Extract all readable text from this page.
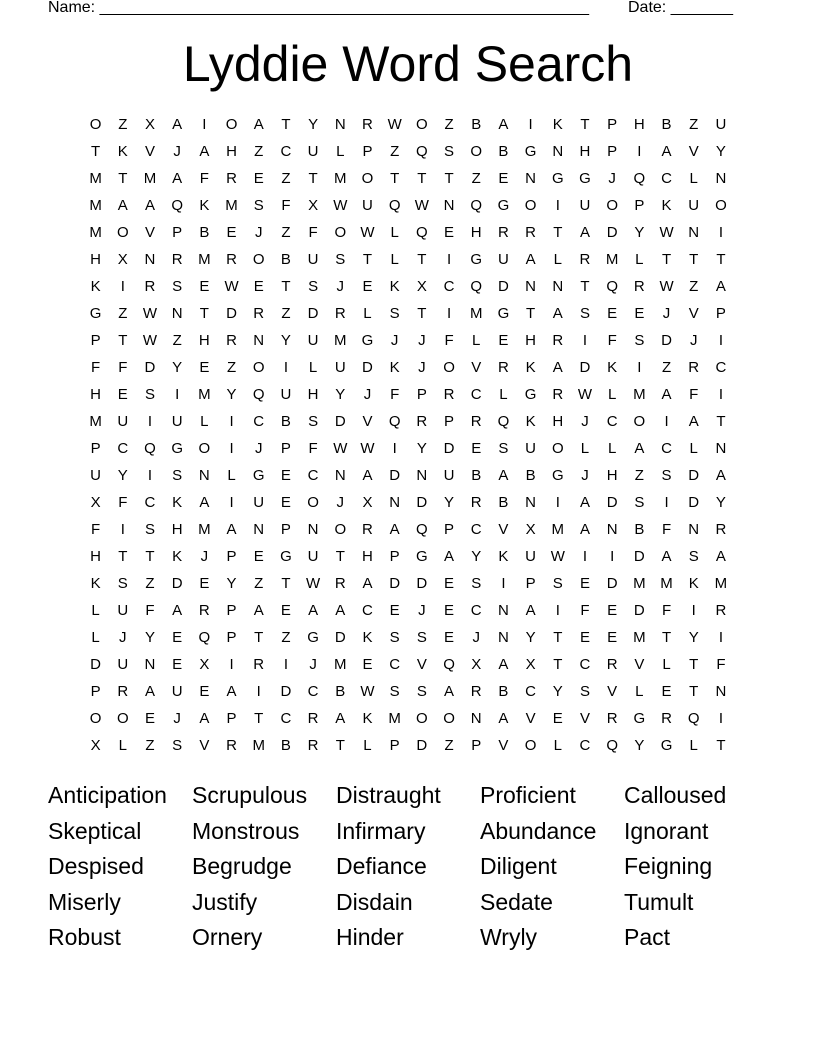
Name: _______________________________________________________ Date: _______
Lyddie Word Search
O	Z	X	A	I	O	A	T	Y	N	R W O	Z	B	A	I	K	T	P	H	B	Z	U
T	K	V	J	A	H	Z	C	U	L	P	Z	Q	S	O	B	G	N	H	P	I	A	V	Y
M	T	M	A	F	R	E	Z	T	M	O	T	T	T	Z	E	N	G	G	J	Q	C	L	N
M	A	A	Q	K	M	S	F	X	W U	Q W N	Q	G	O	I	U	O	P	K	U	O
M	O	V	P	B	E	J	Z	F	O W	L	Q	E	H	R	R	T	A	D	Y	W N	I
H	X	N	R	M	R	O	B	U	S	T	L	T	I	G	U	A	L	R	M	L	T	T	T
K	I	R	S	E	W	E	T	S	J	E	K	X	C	Q	D	N	N	T	Q	R W	Z	A
G	Z	W N	T	D	R	Z	D	R	L	S	T	I	M	G	T	A	S	E	E	J	V	P
P	T	W	Z	H	R	N	Y	U	M	G	J	J	F	L	E	H	R	I	F	S	D	J	I
F	F	D	Y	E	Z	O	I	L	U	D	K	J	O	V	R	K	A	D	K	I	Z	R	C
H	E	S	I	M	Y	Q	U	H	Y	J	F	P	R	C	L	G	R W	L	M	A	F	I
M	U	I	U	L	I	C	B	S	D	V	Q	R	P	R	Q	K	H	J	C	O	I	A	T
P	C	Q	G	O	I	J	P	F	W W	I	Y	D	E	S	U	O	L	L	A	C	L	N
U	Y	I	S	N	L	G	E	C	N	A	D	N	U	B	A	B	G	J	H	Z	S	D	A
X	F	C	K	A	I	U	E	O	J	X	N	D	Y	R	B	N	I	A	D	S	I	D	Y
F	I	S	H	M	A	N	P	N	O	R	A	Q	P	C	V	X	M	A	N	B	F	N	R
H	T	T	K	J	P	E	G	U	T	H	P	G	A	Y	K	U W	I	I	D	A	S	A
K	S	Z	D	E	Y	Z	T	W R	A	D	D	E	S	I	P	S	E	D	M M	K	M
L	U	F	A	R	P	A	E	A	A	C	E	J	E	C	N	A	I	F	E	D	F	I	R
L	J	Y	E	Q	P	T	Z	G	D	K	S	S	E	J	N	Y	T	E	E	M	T	Y	I
D	U	N	E	X	I	R	I	J	M	E	C	V	Q	X	A	X	T	C	R	V	L	T	F
P	R	A	U	E	A	I	D	C	B	W	S	S	A	R	B	C	Y	S	V	L	E	T	N
O	O	E	J	A	P	T	C	R	A	K	M	O	O	N	A	V	E	V	R	G	R	Q	I
X	L	Z	S	V	R	M	B	R	T	L	P	D	Z	P	V	O	L	C	Q	Y	G	L	T
Anticipation	Scrupulous	Distraught	Proficient	Calloused
Skeptical	Monstrous	Infirmary	Abundance	Ignorant
Despised	Begrudge	Defiance	Diligent	Feigning
Miserly	Justify	Disdain	Sedate	Tumult
Robust	Ornery	Hinder	Wryly	Pact
